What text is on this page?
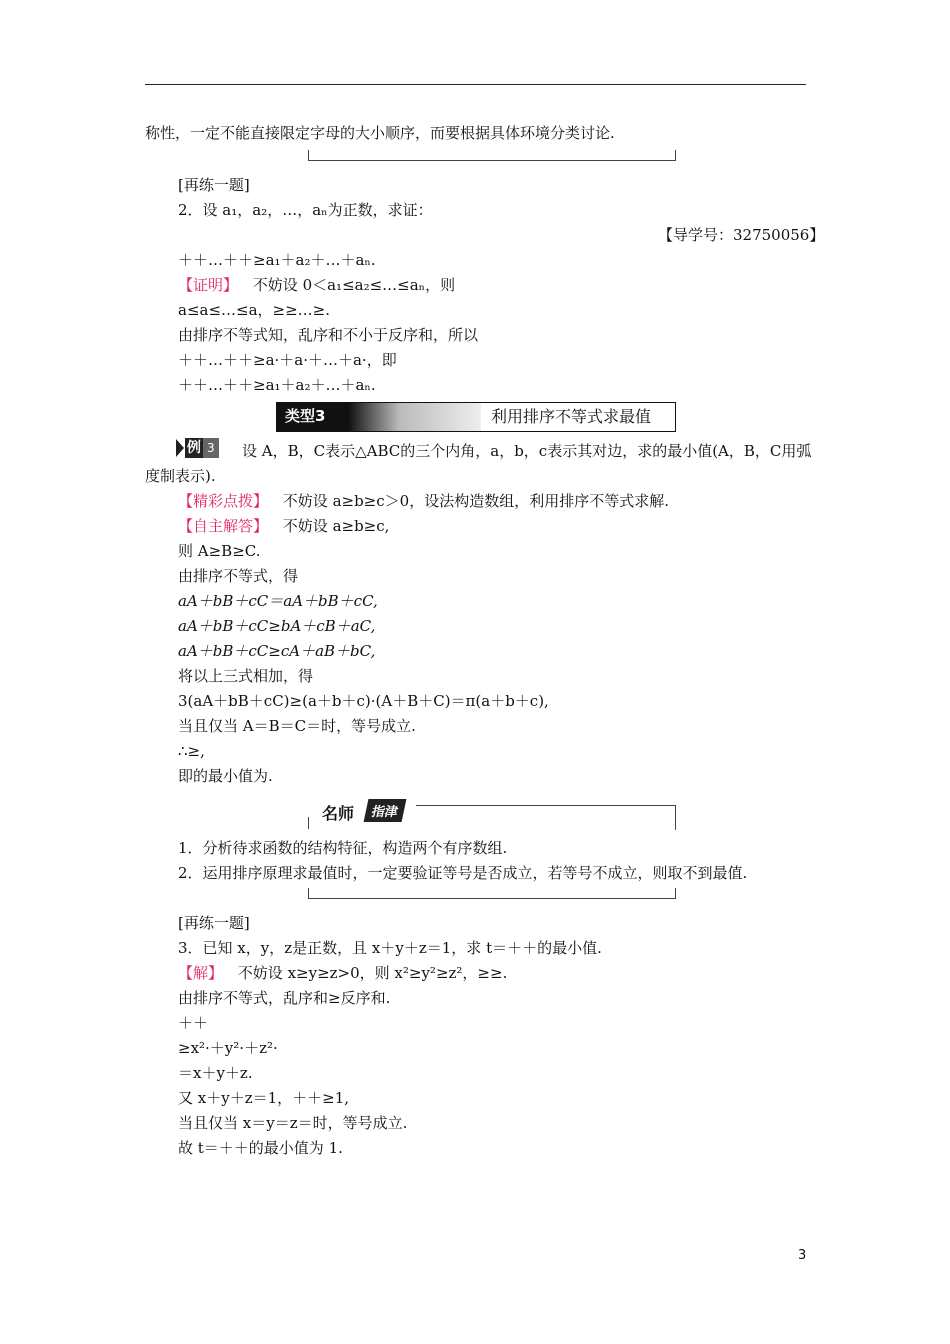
称性，一定不能直接限定字母的大小顺序，而要根据具体环境分类讨论.
[再练一题]
2．设 a₁，a₂，…，aₙ为正数，求证：
【导学号：32750056】
＋＋…＋＋≥a₁＋a₂＋…＋aₙ.
【证明】 不妨设 0＜a₁≤a₂≤…≤aₙ，则
a≤a≤…≤a，≥≥…≥.
由排序不等式知，乱序和不小于反序和，所以
＋＋…＋＋≥a·＋a·＋…＋a·，即
＋＋…＋＋≥a₁＋a₂＋…＋aₙ.
类型3	利用排序不等式求最值
例 3 设 A，B，C表示△ABC的三个内角，a，b，c表示其对边，求的最小值(A，B，C用弧
度制表示).
【精彩点拨】 不妨设 a≥b≥c＞0，设法构造数组，利用排序不等式求解.
【自主解答】 不妨设 a≥b≥c,
则 A≥B≥C.
由排序不等式，得
aA＋bB＋cC＝aA＋bB＋cC,
aA＋bB＋cC≥bA＋cB＋aC,
aA＋bB＋cC≥cA＋aB＋bC,
将以上三式相加，得
3(aA＋bB＋cC)≥(a＋b＋c)·(A＋B＋C)＝π(a＋b＋c),
当且仅当 A＝B＝C＝时，等号成立.
∴≥,
即的最小值为.
名师	指津
1．分析待求函数的结构特征，构造两个有序数组.
2．运用排序原理求最值时，一定要验证等号是否成立，若等号不成立，则取不到最值.
[再练一题]
3．已知 x，y，z是正数，且 x＋y＋z＝1，求 t＝＋＋的最小值.
【解】 不妨设 x≥y≥z>0，则 x²≥y²≥z²，≥≥.
由排序不等式，乱序和≥反序和.
＋＋
≥x²·＋y²·＋z²·
＝x＋y＋z.
又 x＋y＋z＝1，＋＋≥1,
当且仅当 x＝y＝z＝时，等号成立.
故 t＝＋＋的最小值为 1.
3
